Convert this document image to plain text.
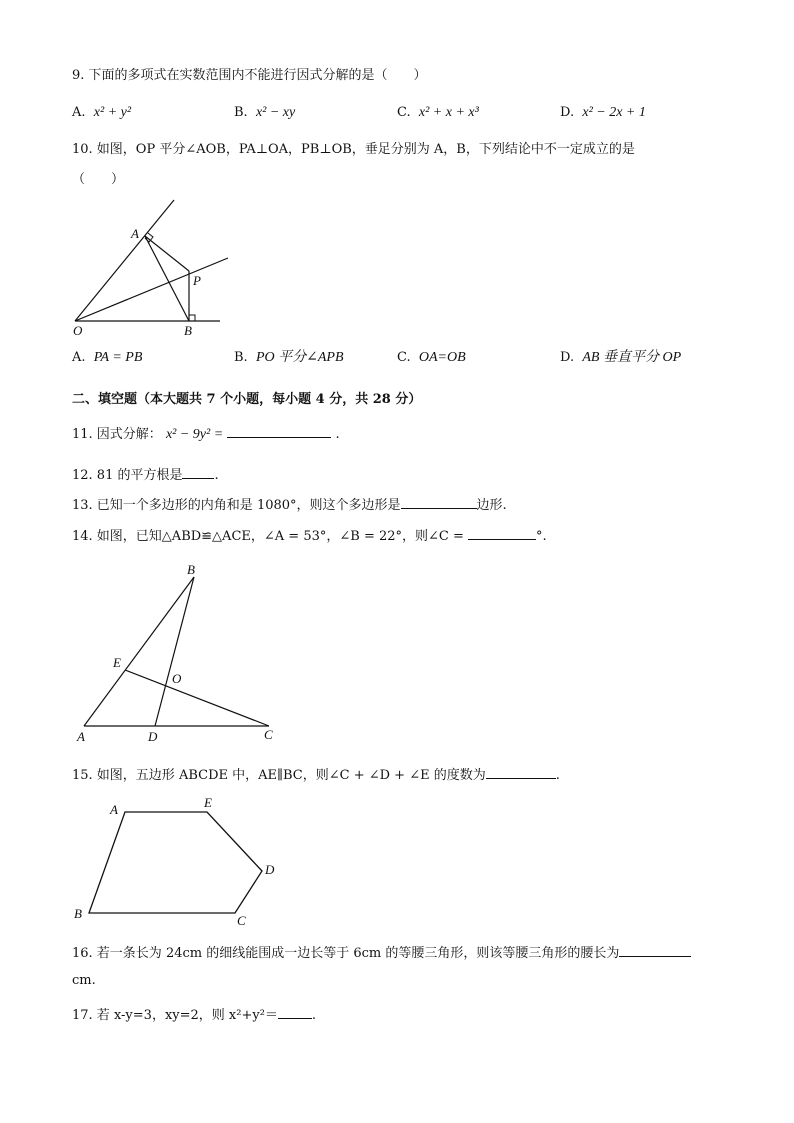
9. 下面的多项式在实数范围内不能进行因式分解的是（　　）
A. x² + y²	B. x² − xy	C. x² + x + x³	D. x² − 2x + 1
10. 如图，OP 平分∠AOB，PA⊥OA，PB⊥OB，垂足分别为 A，B，下列结论中不一定成立的是
（　　）
A
P
O	B
A. PA = PB	B. PO 平分∠APB	C. OA=OB	D. AB 垂直平分 OP
二、填空题（本大题共 7 个小题，每小题 4 分，共 28 分）
11. 因式分解： x² − 9y² =	.
12. 81 的平方根是 .
13. 已知一个多边形的内角和是 1080°，则这个多边形是	边形.
14. 如图，已知△ABD≌△ACE，∠A = 53°，∠B = 22°，则∠C =	°.
B
E
O
A	D	C
15. 如图，五边形 ABCDE 中，AE∥BC，则∠C + ∠D + ∠E 的度数为	.
A	E
D
B	C
16. 若一条长为 24cm 的细线能围成一边长等于 6cm 的等腰三角形，则该等腰三角形的腰长为
cm.
17. 若 x-y=3，xy=2，则 x²+y²＝	.
